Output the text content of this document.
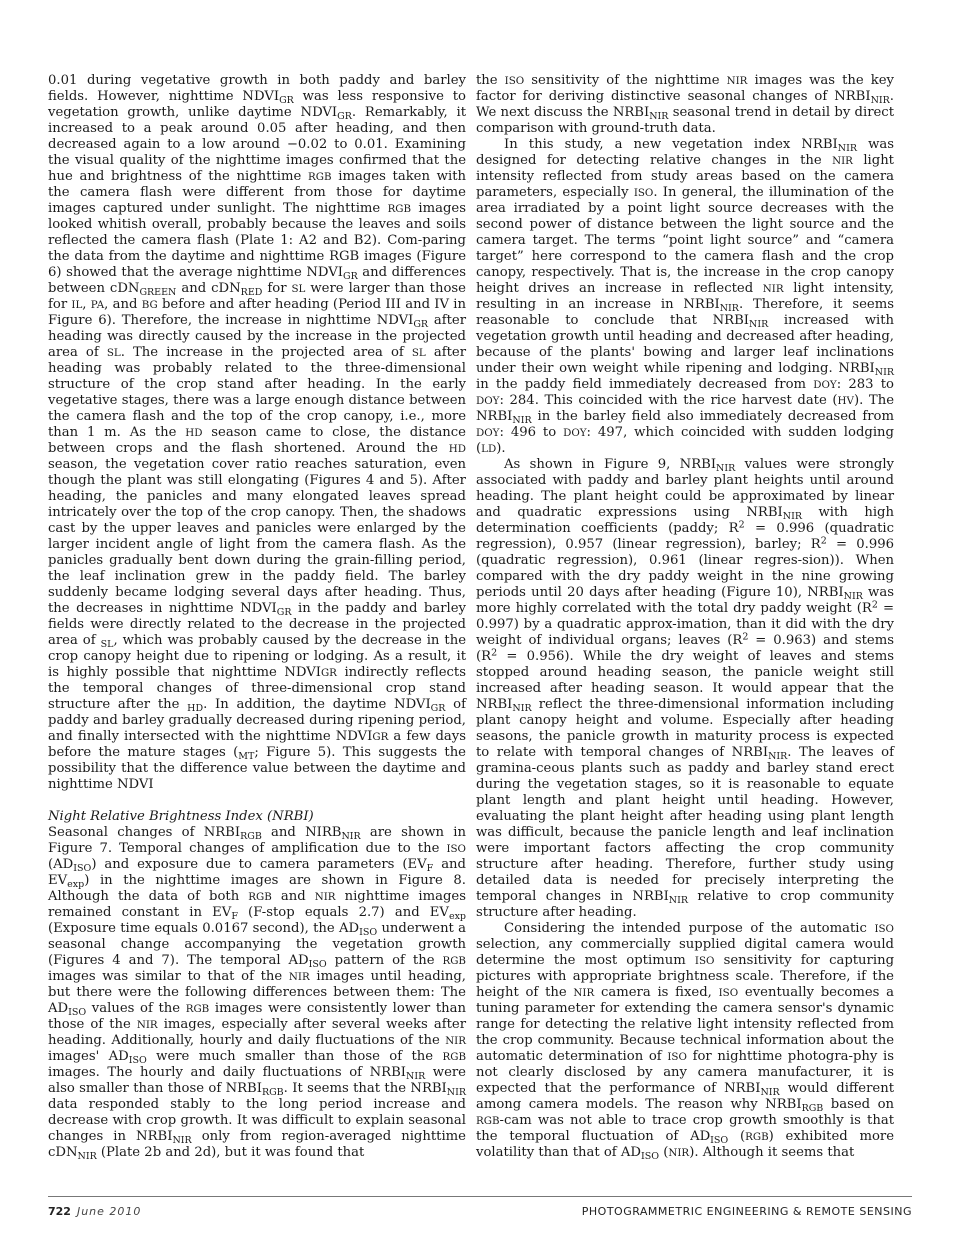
0.01 during vegetative growth in both paddy and barley fields. However, nighttime $NDVI_{GR}$ was less responsive to vegetation growth, unlike daytime $NDVI_{GR}$. Remarkably, it increased to a peak around 0.05 after heading, and then decreased again to a low around −0.02 to 0.01. Examining the visual quality of the nighttime images confirmed that the hue and brightness of the nighttime RGB images taken with the camera flash were different from those for daytime images captured under sunlight. The nighttime RGB images looked whitish overall, probably because the leaves and soils reflected the camera flash (Plate 1: A2 and B2). Com-paring the data from the daytime and nighttime RGB images (Figure 6) showed that the average nighttime $NDVI_{GR}$ and differences between cDN$_{GREEN}$ and cDN$_{RED}$ for SL were larger than those for IL, PA, and BG before and after heading (Period III and IV in Figure 6). Therefore, the increase in nighttime $NDVI_{GR}$ after heading was directly caused by the increase in the projected area of SL. The increase in the projected area of SL after heading was probably related to the three-dimensional structure of the crop stand after heading. In the early vegetative stages, there was a large enough distance between the camera flash and the top of the crop canopy, i.e., more than 1 m. As the HD season came to close, the distance between crops and the flash shortened. Around the HD season, the vegetation cover ratio reaches saturation, even though the plant was still elongating (Figures 4 and 5). After heading, the panicles and many elongated leaves spread intricately over the top of the crop canopy. Then, the shadows cast by the upper leaves and panicles were enlarged by the larger incident angle of light from the camera flash. As the panicles gradually bent down during the grain-filling period, the leaf inclination grew in the paddy field. The barley suddenly became lodging several days after heading. Thus, the decreases in nighttime $NDVI_{GR}$ in the paddy and barley fields were directly related to the decrease in the projected area of $_{SL}$, which was probably caused by the decrease in the crop canopy height due to ripening or lodging. As a result, it is highly possible that nighttime NDVIGR indirectly reflects the temporal changes of three-dimensional crop stand structure after the $_{HD}$. In addition, the daytime $NDVI_{GR}$ of paddy and barley gradually decreased during ripening period, and finally intersected with the nighttime NDVIGR a few days before the mature stages ($_{MT}$; Figure 5). This suggests the possibility that the difference value between the daytime and nighttime NDVI

Night Relative Brightness Index (NRBI)

Seasonal changes of $NRBI_{RGB}$ and $NIRB_{NIR}$ are shown in Figure 7. Temporal changes of amplification due to the ISO $(AD_{ISO})$ and exposure due to camera parameters ($EV_F$ and $EV_{exp}$) in the nighttime images are shown in Figure 8. Although the data of both RGB and NIR nighttime images remained constant in $EV_F$ (F-stop equals 2.7) and $EV_{exp}$ (Exposure time equals 0.0167 second), the $AD_{ISO}$ underwent a seasonal change accompanying the vegetation growth (Figures 4 and 7). The temporal $AD_{ISO}$ pattern of the RGB images was similar to that of the NIR images until heading, but there were the following differences between them: The $AD_{ISO}$ values of the RGB images were consistently lower than those of the NIR images, especially after several weeks after heading. Additionally, hourly and daily fluctuations of the NIR images' $AD_{ISO}$ were much smaller than those of the RGB images. The hourly and daily fluctuations of $NRBI_{NIR}$ were also smaller than those of $NRBI_{RGB}$. It seems that the $NRBI_{NIR}$ data responded stably to the long period increase and decrease with crop growth. It was difficult to explain seasonal changes in $NRBI_{NIR}$ only from region-averaged nighttime cDN$_{NIR}$ (Plate 2b and 2d), but it was found that

the ISO sensitivity of the nighttime NIR images was the key factor for deriving distinctive seasonal changes of $NRBI_{NIR}$. We next discuss the $NRBI_{NIR}$ seasonal trend in detail by direct comparison with ground-truth data.

In this study, a new vegetation index $NRBI_{NIR}$ was designed for detecting relative changes in the NIR light intensity reflected from study areas based on the camera parameters, especially ISO. In general, the illumination of the area irradiated by a point light source decreases with the second power of distance between the light source and the camera target. The terms “point light source” and “camera target” here correspond to the camera flash and the crop canopy, respectively. That is, the increase in the crop canopy height drives an increase in reflected NIR light intensity, resulting in an increase in $NRBI_{NIR}$. Therefore, it seems reasonable to conclude that $NRBI_{NIR}$ increased with vegetation growth until heading and decreased after heading, because of the plants' bowing and larger leaf inclinations under their own weight while ripening and lodging. $NRBI_{NIR}$ in the paddy field immediately decreased from DOY: 283 to DOY: 284. This coincided with the rice harvest date (HV). The $NRBI_{NIR}$ in the barley field also immediately decreased from DOY: 496 to DOY: 497, which coincided with sudden lodging (LD).

As shown in Figure 9, $NRBI_{NIR}$ values were strongly associated with paddy and barley plant heights until around heading. The plant height could be approximated by linear and quadratic expressions using $NRBI_{NIR}$ with high determination coefficients (paddy; $R^2 = 0.996$ (quadratic regression), 0.957 (linear regression), barley; $R^2 = 0.996$ (quadratic regression), 0.961 (linear regres-sion)). When compared with the dry paddy weight in the nine growing periods until 20 days after heading (Figure 10), $NRBI_{NIR}$ was more highly correlated with the total dry paddy weight $(R^2 = 0.997)$ by a quadratic approx-imation, than it did with the dry weight of individual organs; leaves $(R^2 = 0.963)$ and stems $(R^2 = 0.956)$. While the dry weight of leaves and stems stopped around heading season, the panicle weight still increased after heading season. It would appear that the $NRBI_{NIR}$ reflect the three-dimensional information including plant canopy height and volume. Especially after heading seasons, the panicle growth in maturity process is expected to relate with temporal changes of $NRBI_{NIR}$. The leaves of gramina-ceous plants such as paddy and barley stand erect during the vegetation stages, so it is reasonable to equate plant length and plant height until heading. However, evaluating the plant height after heading using plant length was difficult, because the panicle length and leaf inclination were important factors affecting the crop community structure after heading. Therefore, further study using detailed data is needed for precisely interpreting the temporal changes in $NRBI_{NIR}$ relative to crop community structure after heading.

Considering the intended purpose of the automatic ISO selection, any commercially supplied digital camera would determine the most optimum ISO sensitivity for capturing pictures with appropriate brightness scale. Therefore, if the height of the NIR camera is fixed, ISO eventually becomes a tuning parameter for extending the camera sensor's dynamic range for detecting the relative light intensity reflected from the crop community. Because technical information about the automatic determination of ISO for nighttime photogra-phy is not clearly disclosed by any camera manufacturer, it is expected that the performance of $NRBI_{NIR}$ would different among camera models. The reason why $NRBI_{RGB}$ based on RGB-cam was not able to trace crop growth smoothly is that the temporal fluctuation of $AD_{ISO}$ (RGB) exhibited more volatility than that of $AD_{ISO}$ (NIR). Although it seems that

722 June 2010	PHOTOGRAMMETRIC ENGINEERING & REMOTE SENSING
